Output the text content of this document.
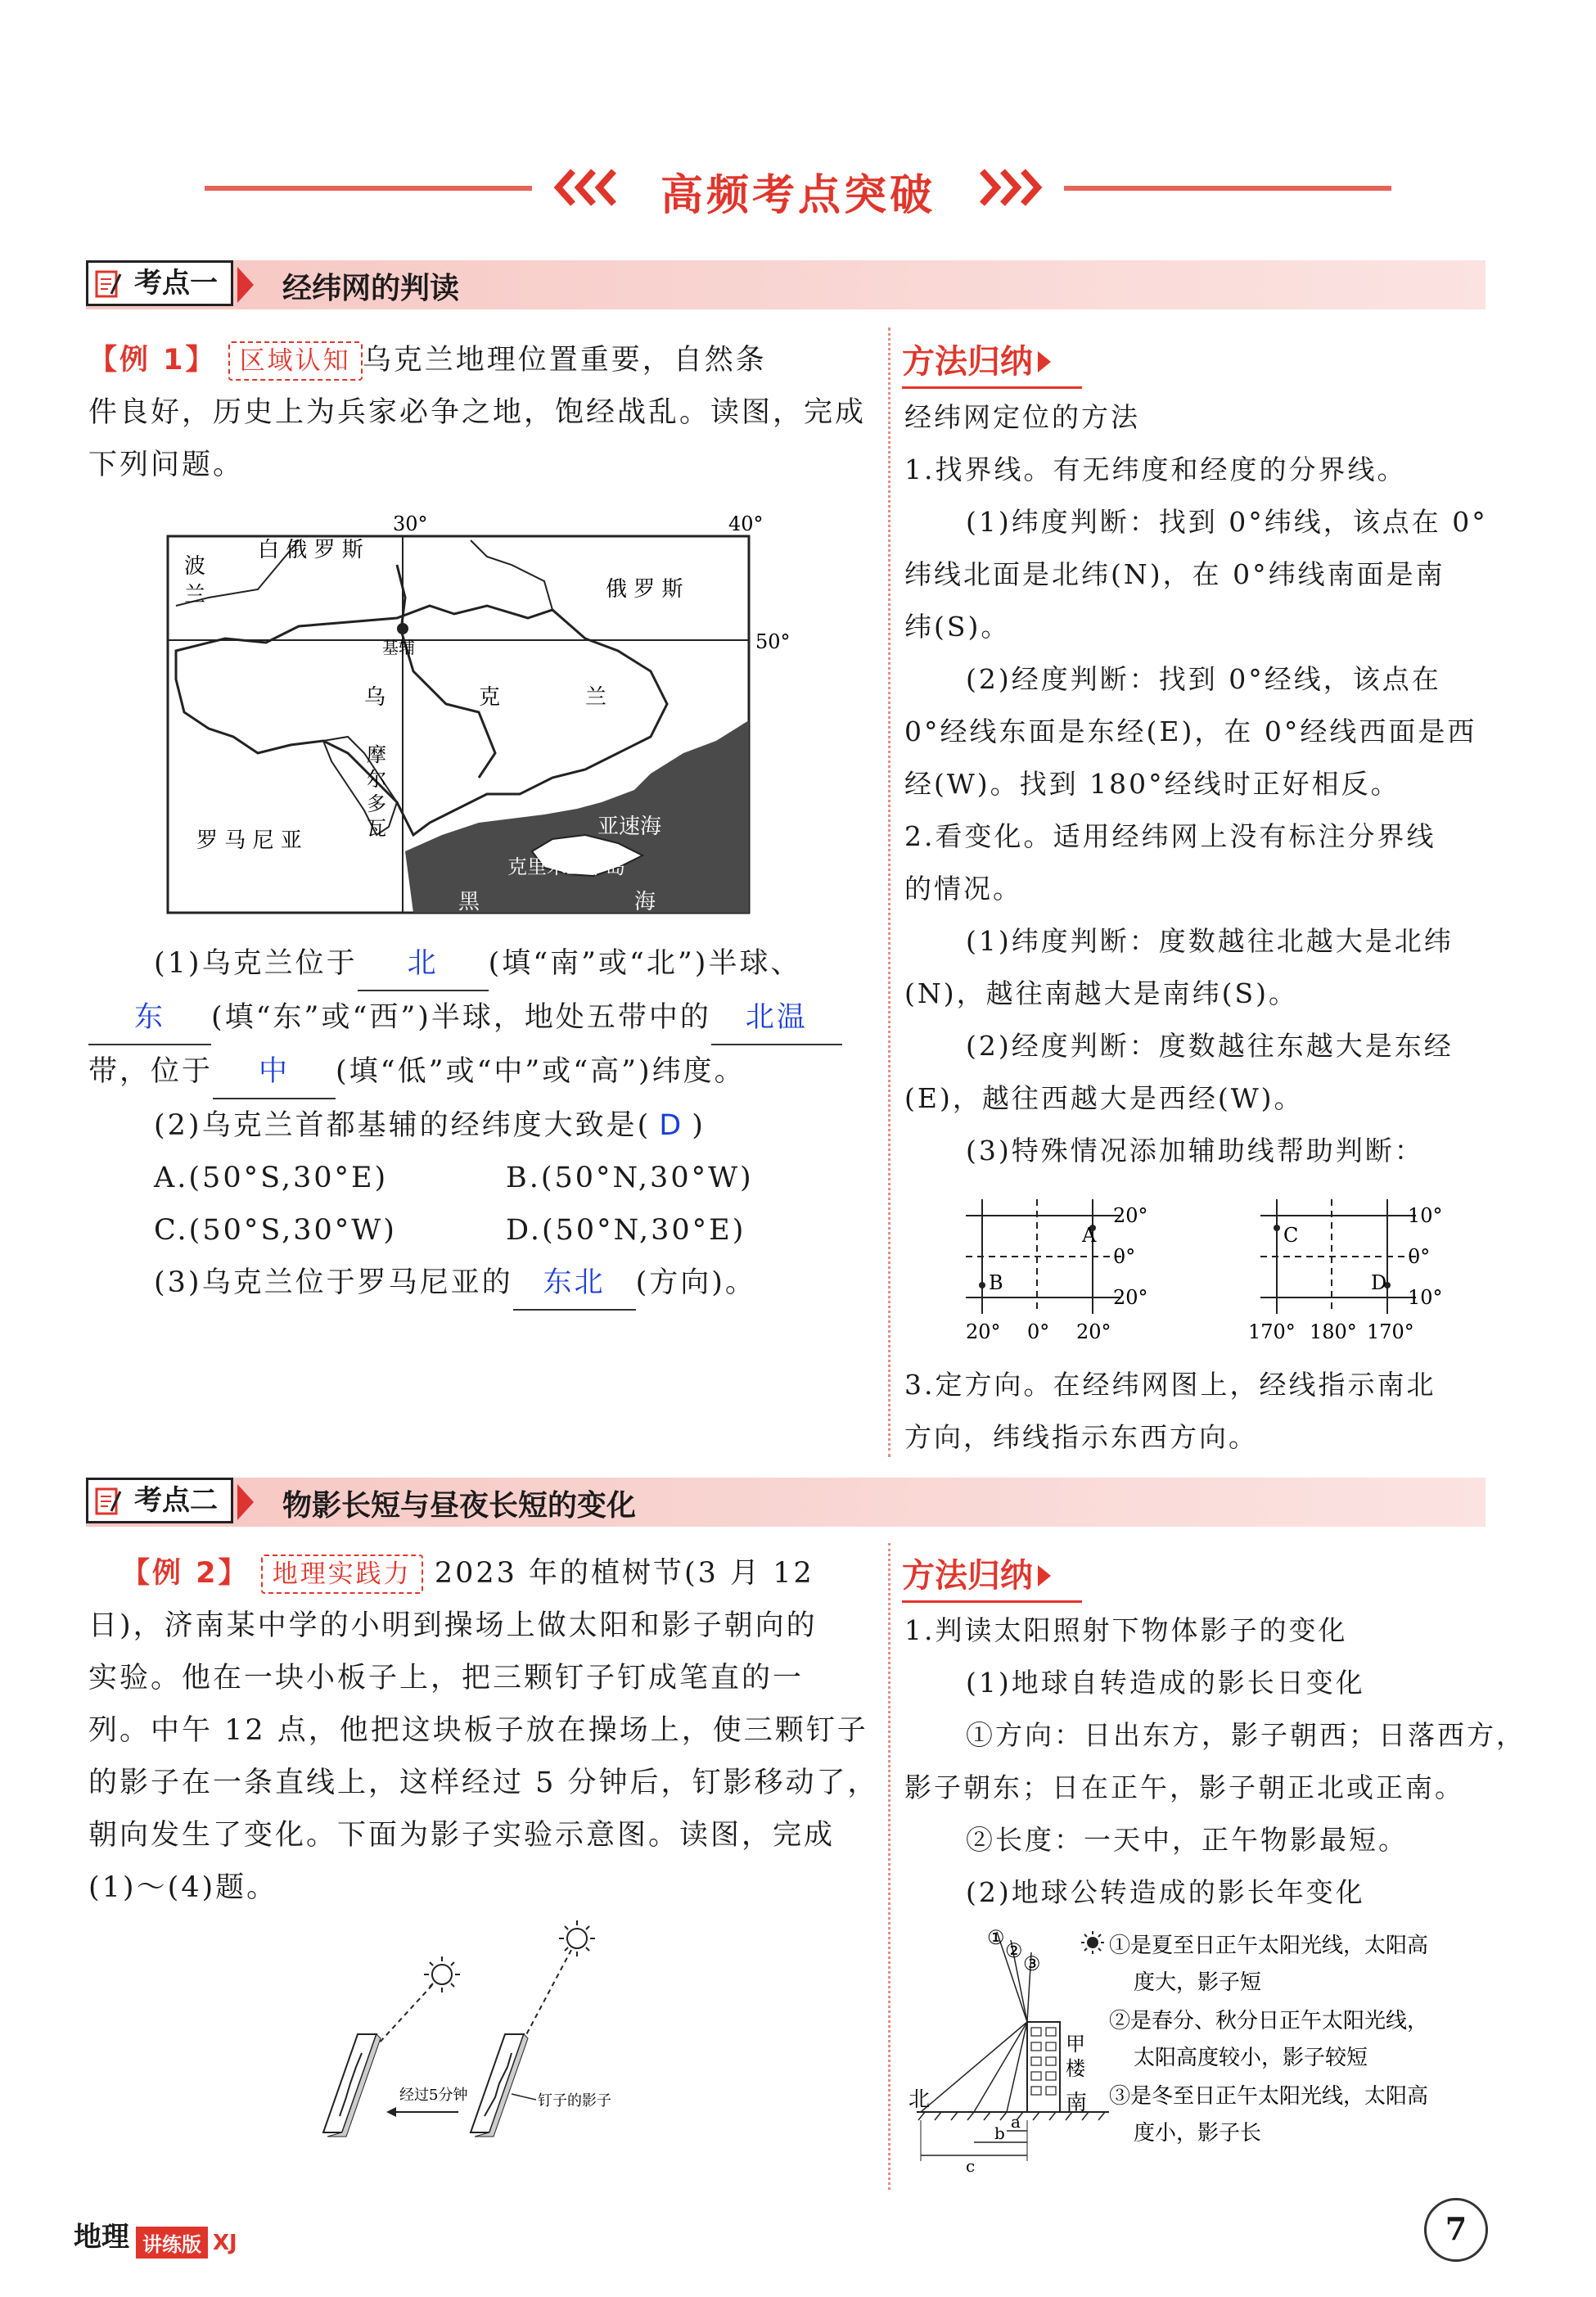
高频考点突破
考点一	经纬网的判读
【例 1】 区域认知 乌克兰地理位置重要，自然条
件良好，历史上为兵家必争之地，饱经战乱。读图，完成
下列问题。
30°	40°
50°
白 俄 罗 斯
俄 罗 斯
波
兰
基辅
乌	克	兰
摩
尔
多
瓦
罗 马 尼 亚
亚速海
克里米亚半岛
黑	海
(1)乌克兰位于 北 (填“南”或“北”)半球、
东 (填“东”或“西”)半球，地处五带中的 北温
带，位于 中 (填“低”或“中”或“高”)纬度。
(2)乌克兰首都基辅的经纬度大致是( D )
A.(50°S,30°E)	B.(50°N,30°W)
C.(50°S,30°W)	D.(50°N,30°E)
(3)乌克兰位于罗马尼亚的 东北 (方向)。
方法归纳
经纬网定位的方法
1.找界线。有无纬度和经度的分界线。
(1)纬度判断：找到 0°纬线，该点在 0°
纬线北面是北纬(N)，在 0°纬线南面是南
纬(S)。
(2)经度判断：找到 0°经线，该点在
0°经线东面是东经(E)，在 0°经线西面是西
经(W)。找到 180°经线时正好相反。
2.看变化。适用经纬网上没有标注分界线
的情况。
(1)纬度判断：度数越往北越大是北纬
(N)，越往南越大是南纬(S)。
(2)经度判断：度数越往东越大是东经
(E)，越往西越大是西经(W)。
(3)特殊情况添加辅助线帮助判断：
A
B
20°
0°
20°
20° 0° 20°
C
D
10°
0°
10°
170° 180° 170°
3.定方向。在经纬网图上，经线指示南北
方向，纬线指示东西方向。
考点二	物影长短与昼夜长短的变化
【例 2】 地理实践力 2023 年的植树节(3 月 12
日)，济南某中学的小明到操场上做太阳和影子朝向的
实验。他在一块小板子上，把三颗钉子钉成笔直的一
列。中午 12 点，他把这块板子放在操场上，使三颗钉子
的影子在一条直线上，这样经过 5 分钟后，钉影移动了，
朝向发生了变化。下面为影子实验示意图。读图，完成
(1)～(4)题。
经过5分钟	钉子的影子
方法归纳
1.判读太阳照射下物体影子的变化
(1)地球自转造成的影长日变化
①方向：日出东方，影子朝西；日落西方，
影子朝东；日在正午，影子朝正北或正南。
②长度：一天中，正午物影最短。
(2)地球公转造成的影长年变化
①
②
③
甲
楼
北	南
a
b
c
①是夏至日正午太阳光线，太阳高
度大，影子短
②是春分、秋分日正午太阳光线，
太阳高度较小，影子较短
③是冬至日正午太阳光线，太阳高
度小，影子长
地理 讲练版 XJ	7
